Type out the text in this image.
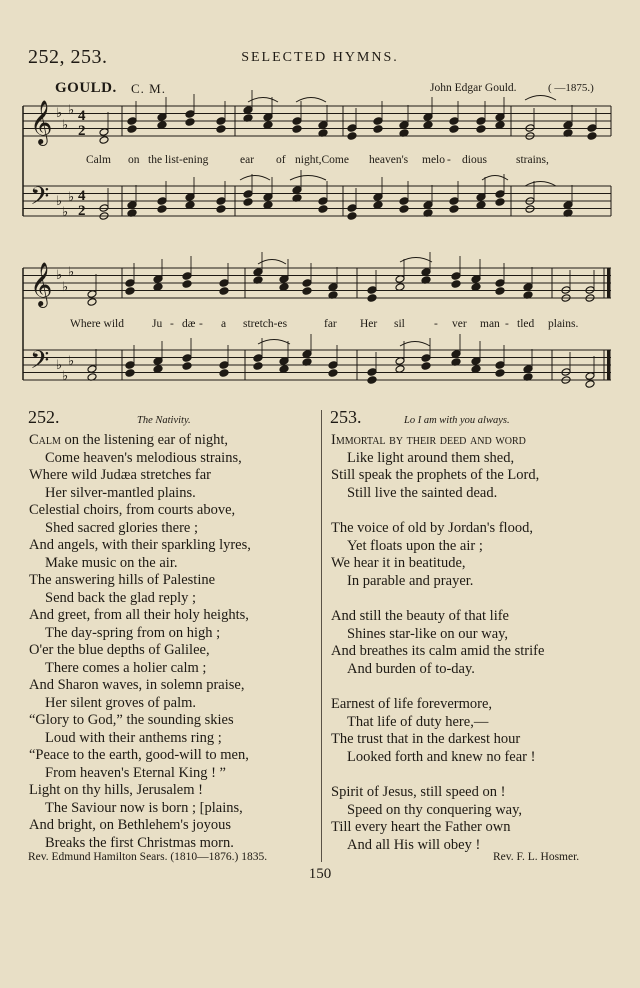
252, 253.	SELECTED HYMNS.
GOULD. C. M.	John Edgar Gould.	( —1875.)
𝄞
𝄢
♭
♭
♭
♭
♭
♭
4
2
4
2
𝄞
𝄢
♭
♭
♭
♭
♭
♭
Calm on the list-ening	ear of night,Come heaven's melo - dious	strains,
Where wild Ju - dæ - a stretch-es	far Her sil	- ver man - tled plains.
252.	The Nativity.
Calm on the listening ear of night,
Come heaven's melodious strains,
Where wild Judæa stretches far
Her silver-mantled plains.
Celestial choirs, from courts above,
Shed sacred glories there ;
And angels, with their sparkling lyres,
Make music on the air.
The answering hills of Palestine
Send back the glad reply ;
And greet, from all their holy heights,
The day-spring from on high ;
O'er the blue depths of Galilee,
There comes a holier calm ;
And Sharon waves, in solemn praise,
Her silent groves of palm.
“Glory to God,” the sounding skies
Loud with their anthems ring ;
“Peace to the earth, good-will to men,
From heaven's Eternal King ! ”
Light on thy hills, Jerusalem !
The Saviour now is born ; [plains,
And bright, on Bethlehem's joyous
Breaks the first Christmas morn.
253.	Lo I am with you always.
Immortal by their deed and word
Like light around them shed,
Still speak the prophets of the Lord,
Still live the sainted dead.
The voice of old by Jordan's flood,
Yet floats upon the air ;
We hear it in beatitude,
In parable and prayer.
And still the beauty of that life
Shines star-like on our way,
And breathes its calm amid the strife
And burden of to-day.
Earnest of life forevermore,
That life of duty here,—
The trust that in the darkest hour
Looked forth and knew no fear !
Spirit of Jesus, still speed on !
Speed on thy conquering way,
Till every heart the Father own
And all His will obey !
Rev. Edmund Hamilton Sears. (1810—1876.) 1835.	Rev. F. L. Hosmer.
150
